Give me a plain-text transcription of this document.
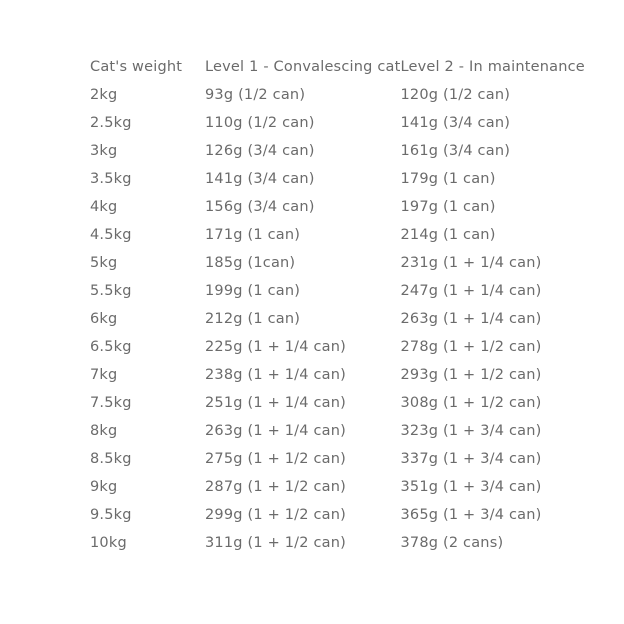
Cat's weight	Level 1 - Convalescing cat	Level 2 - In maintenance
2kg	93g (1/2 can)	120g (1/2 can)
2.5kg	110g (1/2 can)	141g (3/4 can)
3kg	126g (3/4 can)	161g (3/4 can)
3.5kg	141g (3/4 can)	179g (1 can)
4kg	156g (3/4 can)	197g (1 can)
4.5kg	171g (1 can)	214g (1 can)
5kg	185g (1can)	231g (1 + 1/4 can)
5.5kg	199g (1 can)	247g (1 + 1/4 can)
6kg	212g (1 can)	263g (1 + 1/4 can)
6.5kg	225g (1 + 1/4 can)	278g (1 + 1/2 can)
7kg	238g (1 + 1/4 can)	293g (1 + 1/2 can)
7.5kg	251g (1 + 1/4 can)	308g (1 + 1/2 can)
8kg	263g (1 + 1/4 can)	323g (1 + 3/4 can)
8.5kg	275g (1 + 1/2 can)	337g (1 + 3/4 can)
9kg	287g (1 + 1/2 can)	351g (1 + 3/4 can)
9.5kg	299g (1 + 1/2 can)	365g (1 + 3/4 can)
10kg	311g (1 + 1/2 can)	378g (2 cans)
